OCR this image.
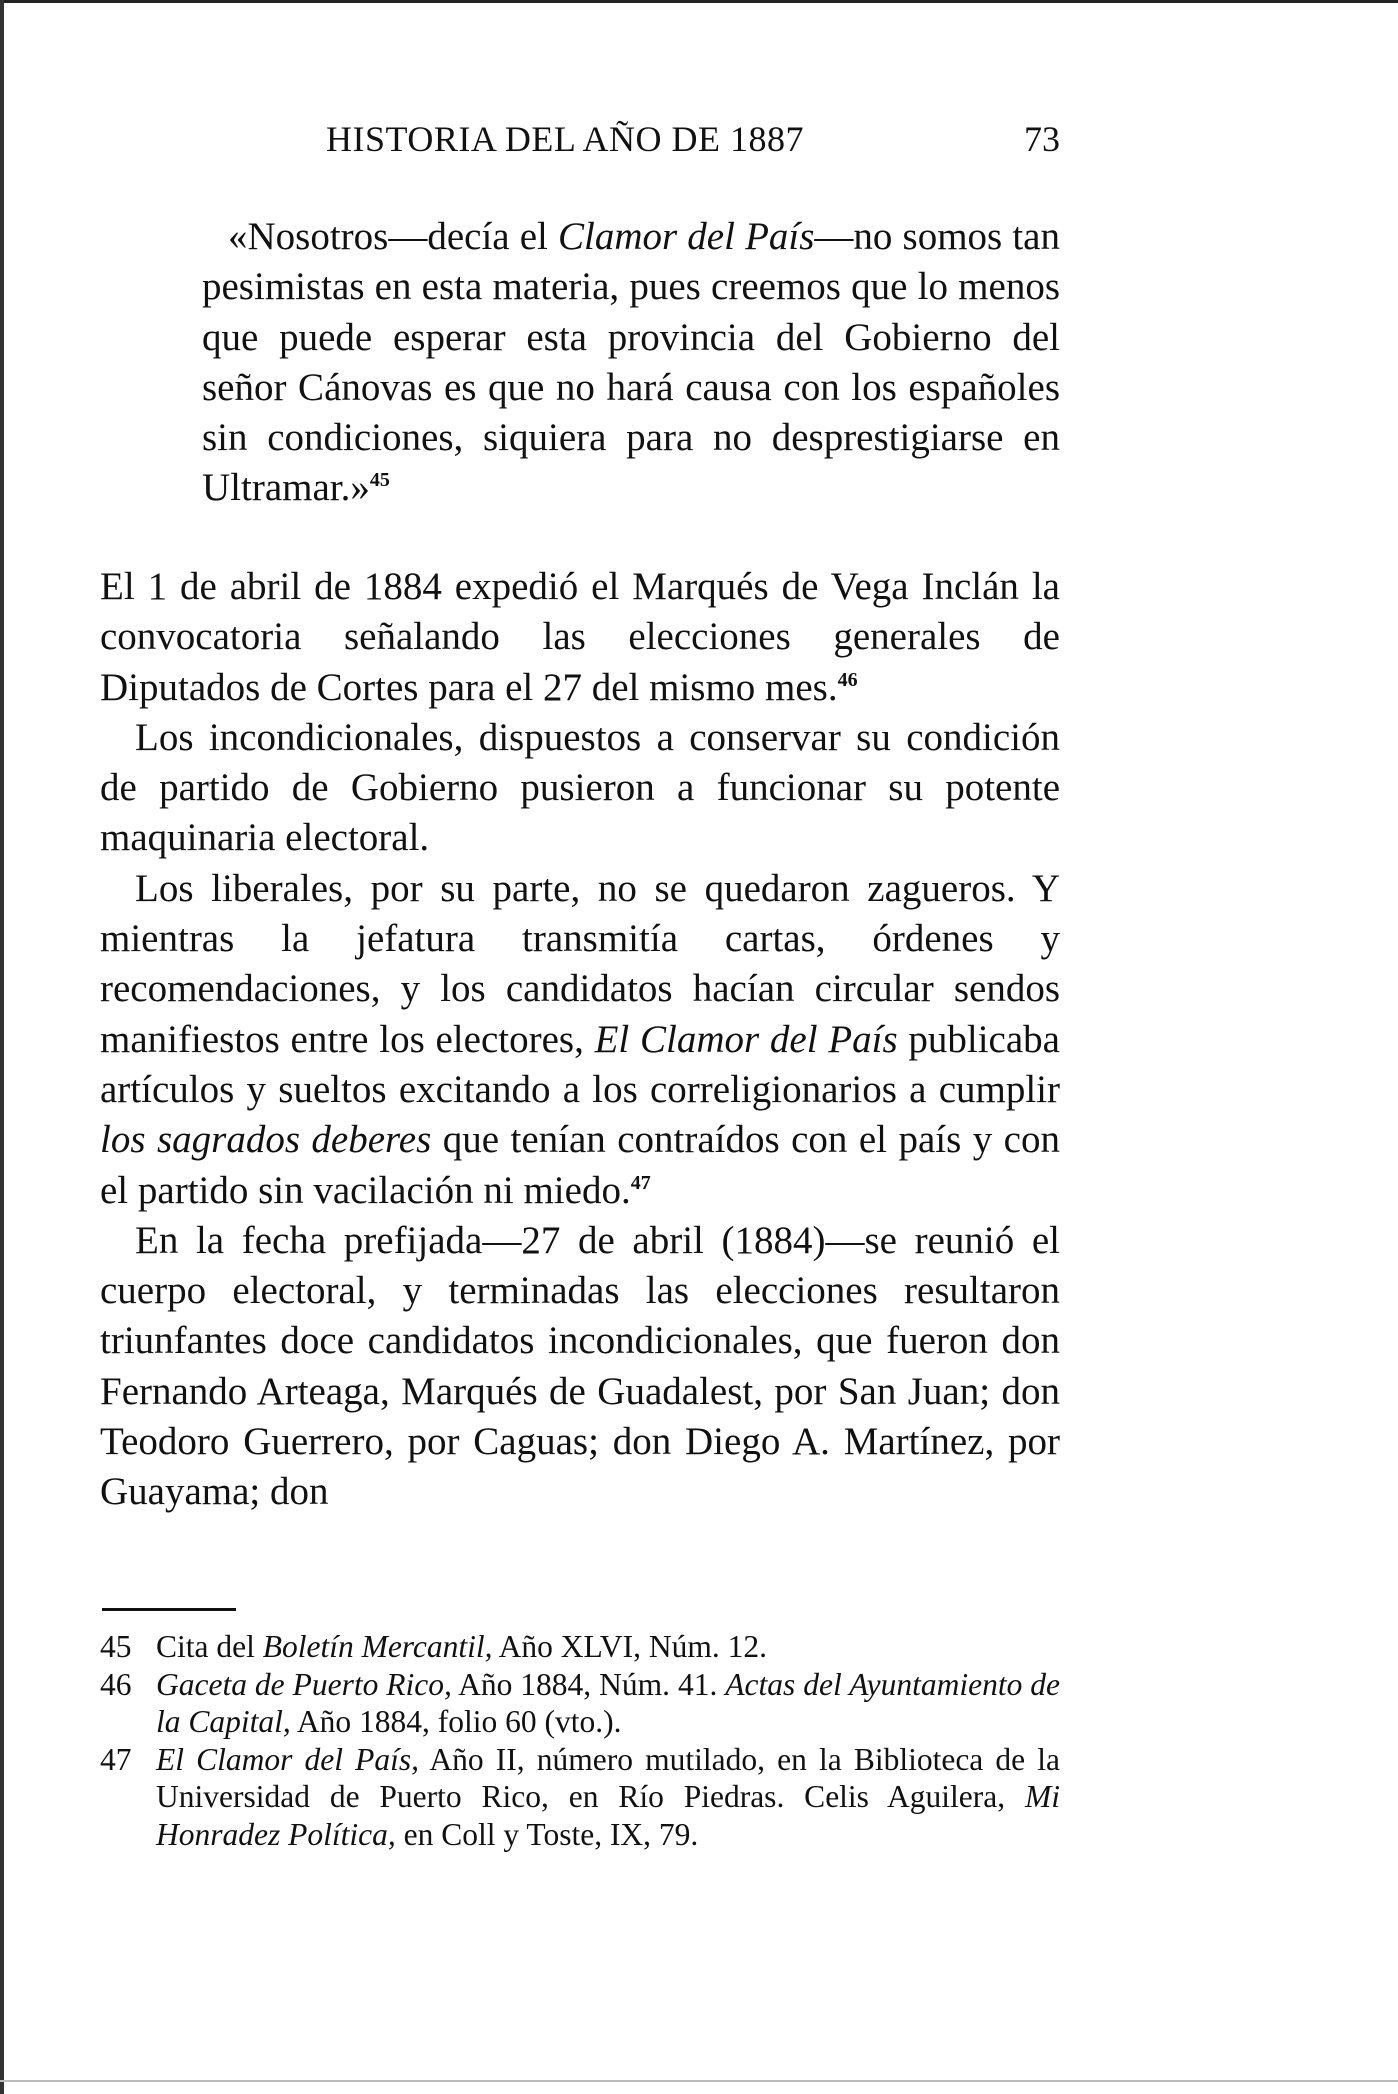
HISTORIA DEL AÑO DE 1887	73

«Nosotros—decía el Clamor del País—no somos tan pesimistas en esta materia, pues creemos que lo menos que puede esperar esta provincia del Gobierno del señor Cánovas es que no hará causa con los españoles sin condiciones, siquiera para no desprestigiarse en Ultramar.»$^{45}$

El 1 de abril de 1884 expedió el Marqués de Vega Inclán la convocatoria señalando las elecciones generales de Diputados de Cortes para el 27 del mismo mes.$^{46}$

Los incondicionales, dispuestos a conservar su condición de partido de Gobierno pusieron a funcionar su potente maquinaria electoral.

Los liberales, por su parte, no se quedaron zagueros. Y mientras la jefatura transmitía cartas, órdenes y recomendaciones, y los candidatos hacían circular sendos manifiestos entre los electores, El Clamor del País publicaba artículos y sueltos excitando a los correligionarios a cumplir los sagrados deberes que tenían contraídos con el país y con el partido sin vacilación ni miedo.$^{47}$

En la fecha prefijada—27 de abril (1884)—se reunió el cuerpo electoral, y terminadas las elecciones resultaron triunfantes doce candidatos incondicionales, que fueron don Fernando Arteaga, Marqués de Guadalest, por San Juan; don Teodoro Guerrero, por Caguas; don Diego A. Martínez, por Guayama; don

45 Cita del Boletín Mercantil, Año XLVI, Núm. 12.

46 Gaceta de Puerto Rico, Año 1884, Núm. 41. Actas del Ayuntamiento de la Capital, Año 1884, folio 60 (vto.).

47 El Clamor del País, Año II, número mutilado, en la Biblioteca de la Universidad de Puerto Rico, en Río Piedras. Celis Aguilera, Mi Honradez Política, en Coll y Toste, IX, 79.
